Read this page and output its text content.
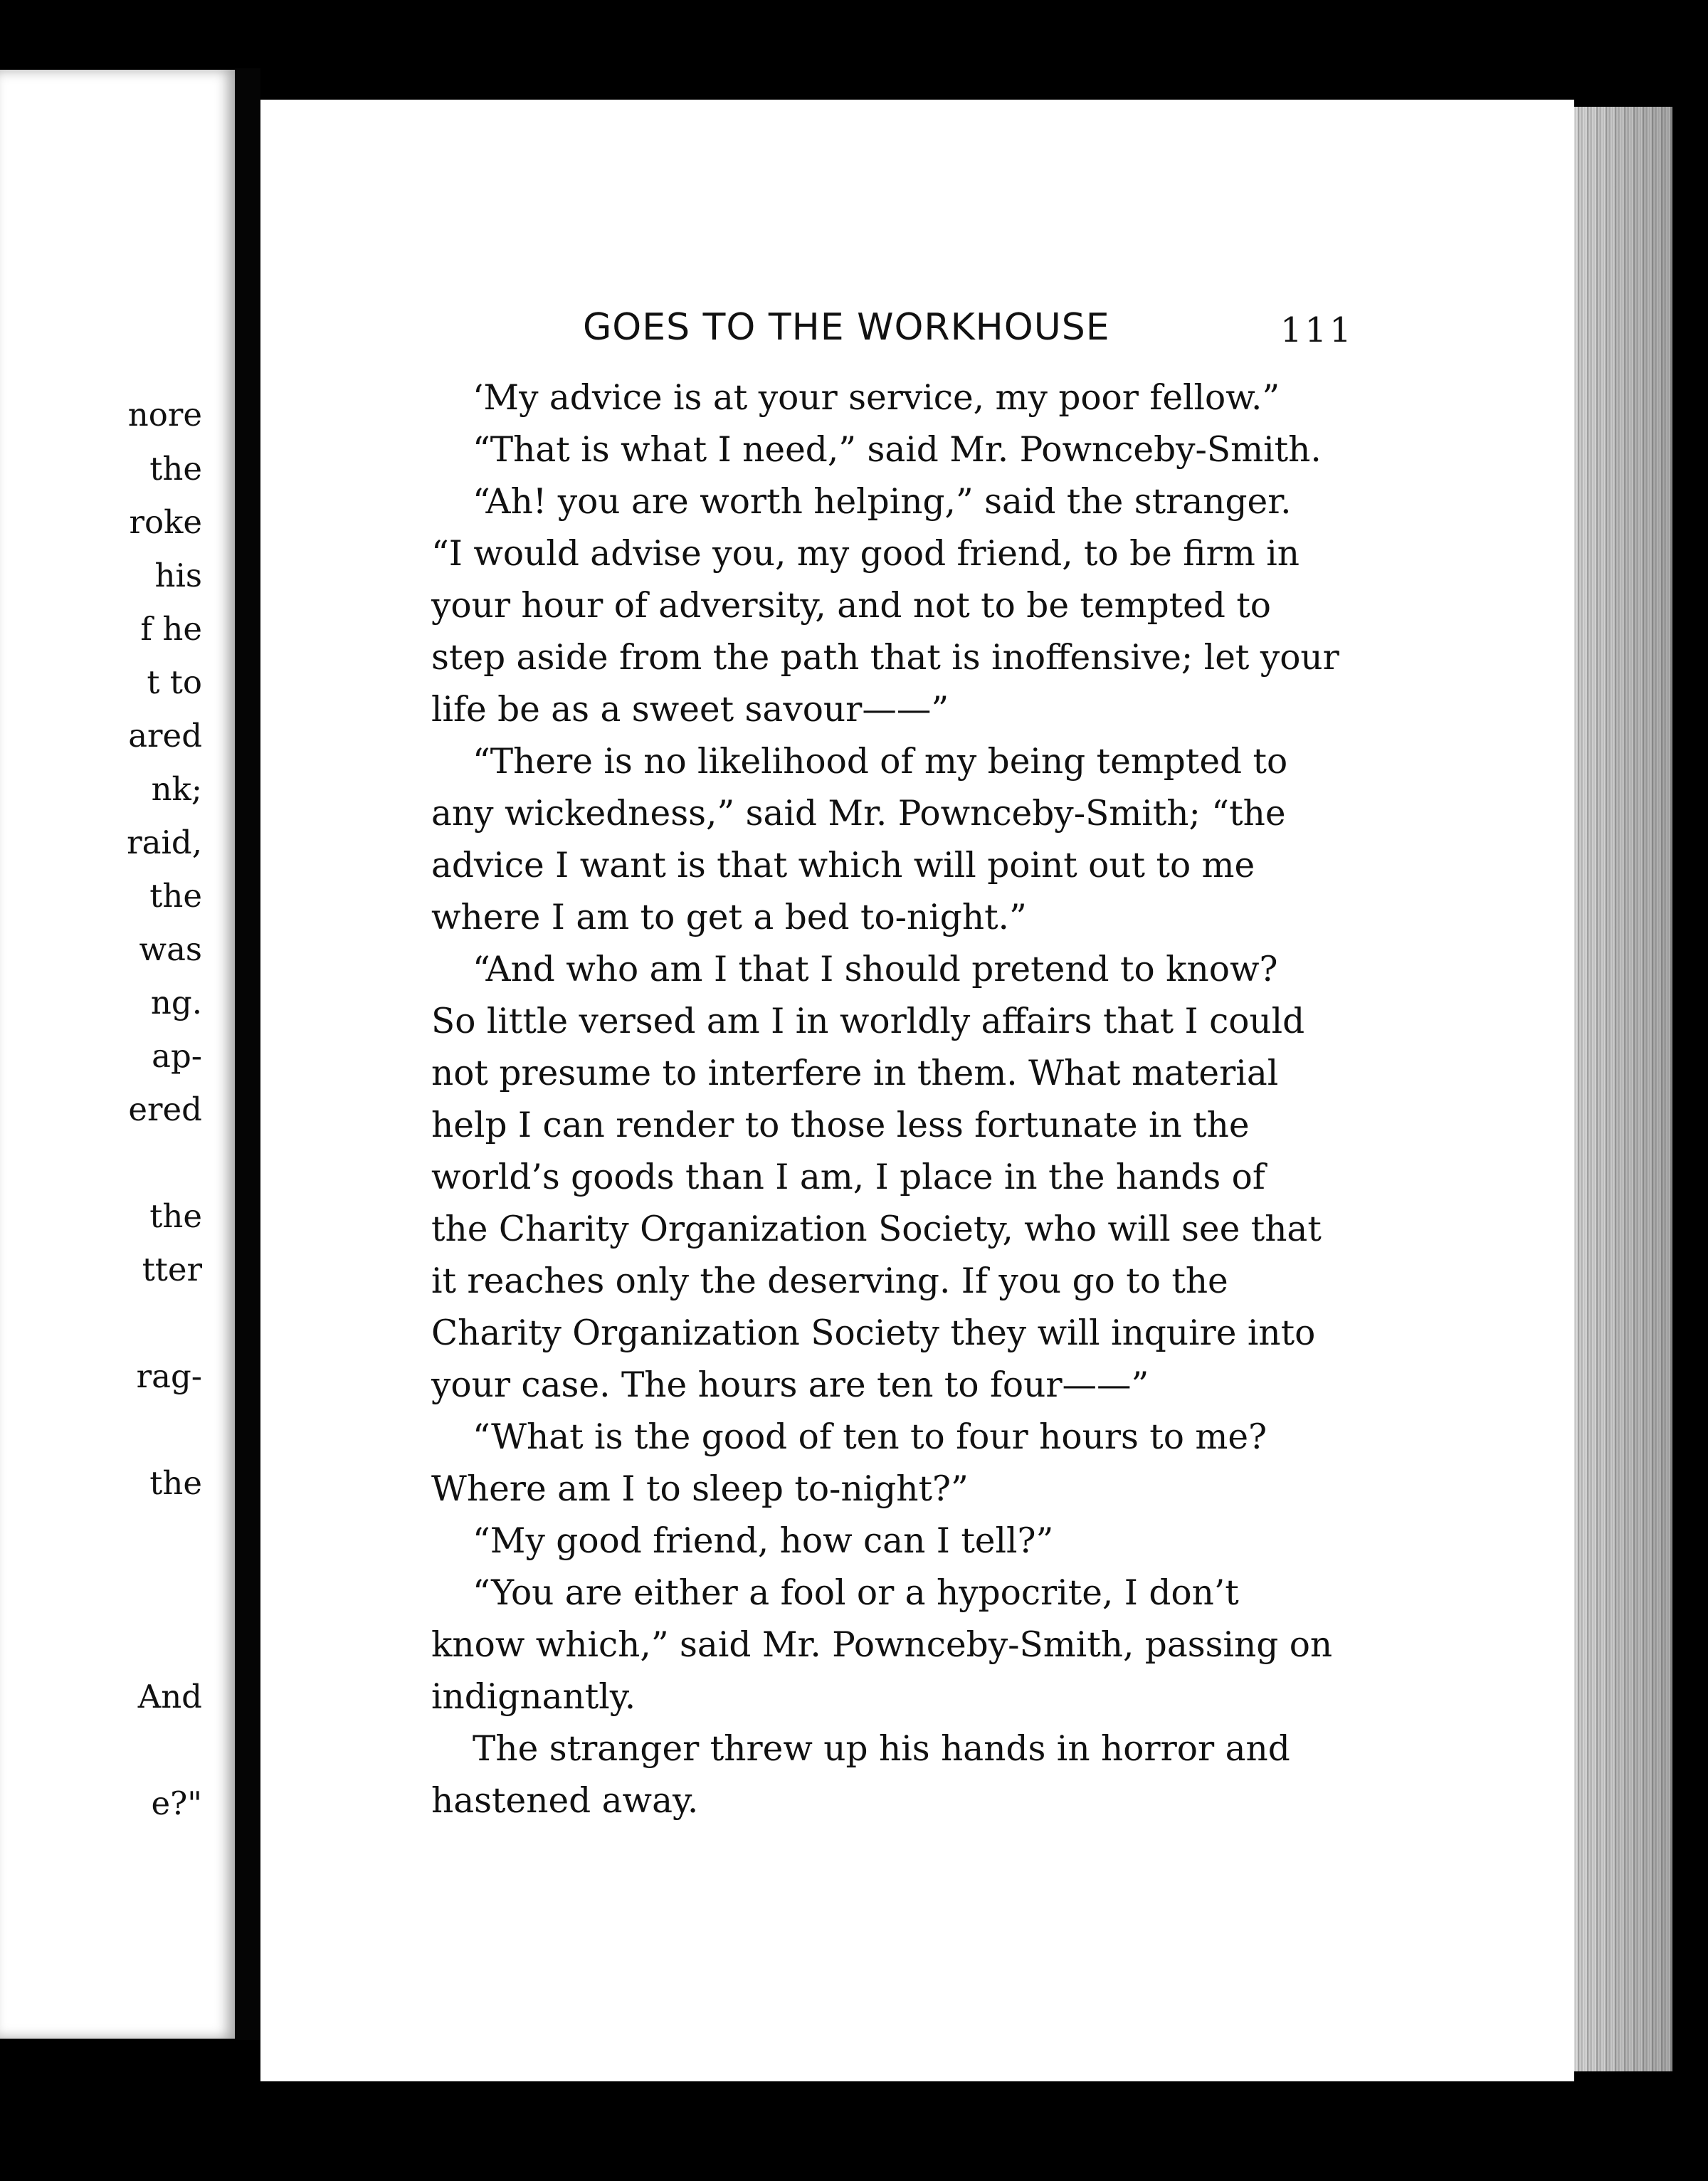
nore
the
roke
his
f he
t to
ared
nk;
raid,
the
was
ng.
ap-
ered
the
tter
rag-
the
And
e?"
GOES TO THE WORKHOUSE	111
‘My advice is at your service, my poor fellow.”
“That is what I need,” said Mr. Pownceby-Smith.
“Ah! you are worth helping,” said the stranger.
“I would advise you, my good friend, to be firm in
your hour of adversity, and not to be tempted to
step aside from the path that is inoffensive; let your
life be as a sweet savour——”
“There is no likelihood of my being tempted to
any wickedness,” said Mr. Pownceby-Smith; “the
advice I want is that which will point out to me
where I am to get a bed to-night.”
“And who am I that I should pretend to know?
So little versed am I in worldly affairs that I could
not presume to interfere in them. What material
help I can render to those less fortunate in the
world’s goods than I am, I place in the hands of
the Charity Organization Society, who will see that
it reaches only the deserving. If you go to the
Charity Organization Society they will inquire into
your case. The hours are ten to four——”
“What is the good of ten to four hours to me?
Where am I to sleep to-night?”
“My good friend, how can I tell?”
“You are either a fool or a hypocrite, I don’t
know which,” said Mr. Pownceby-Smith, passing on
indignantly.
The stranger threw up his hands in horror and
hastened away.
